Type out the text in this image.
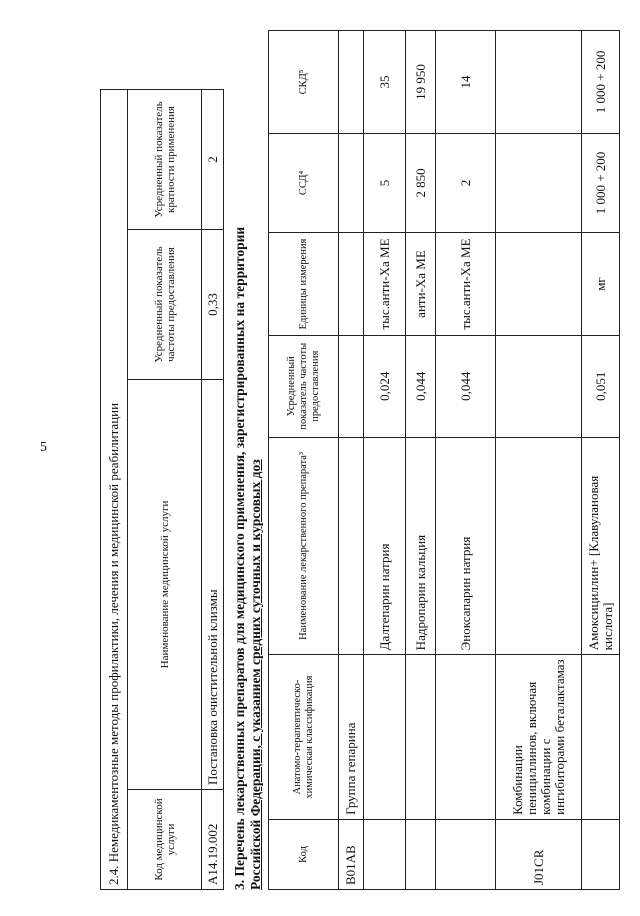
5	2.4. Немедикаментозные методы профилактики, лечения и медицинской реабилитации			
Код медицинской услуги	Наименование медицинской услуги	Усредненный показатель частоты предоставления	Усредненный показатель кратности применения
A14.19.002	Постановка очистительной клизмы	0,33	2
3. Перечень лекарственных препаратов для медицинского применения, зарегистрированных на территории Российской Федерации, с указанием средних суточных и курсовых доз	Код	Анатомо-терапевтическо-химическая классификация	Наименование лекарственного препарата³	Усредненный показатель частоты предоставления	Единицы измерения	ССД⁴	СКД⁵
B01AB	Группа гепарина					
		Далтепарин натрия	0,024	тыс.анти-Ха МЕ	5	35
		Надропарин кальция	0,044	анти-Ха МЕ	2 850	19 950
		Эноксапарин натрия	0,044	тыс.анти-Ха МЕ	2	14
J01CR	Комбинации пенициллинов, включая комбинации с ингибиторами беталактамаз					
		Амоксициллин+ [Клавулановая кислота]	0,051	мг	1 000 + 200	1 000 + 200
